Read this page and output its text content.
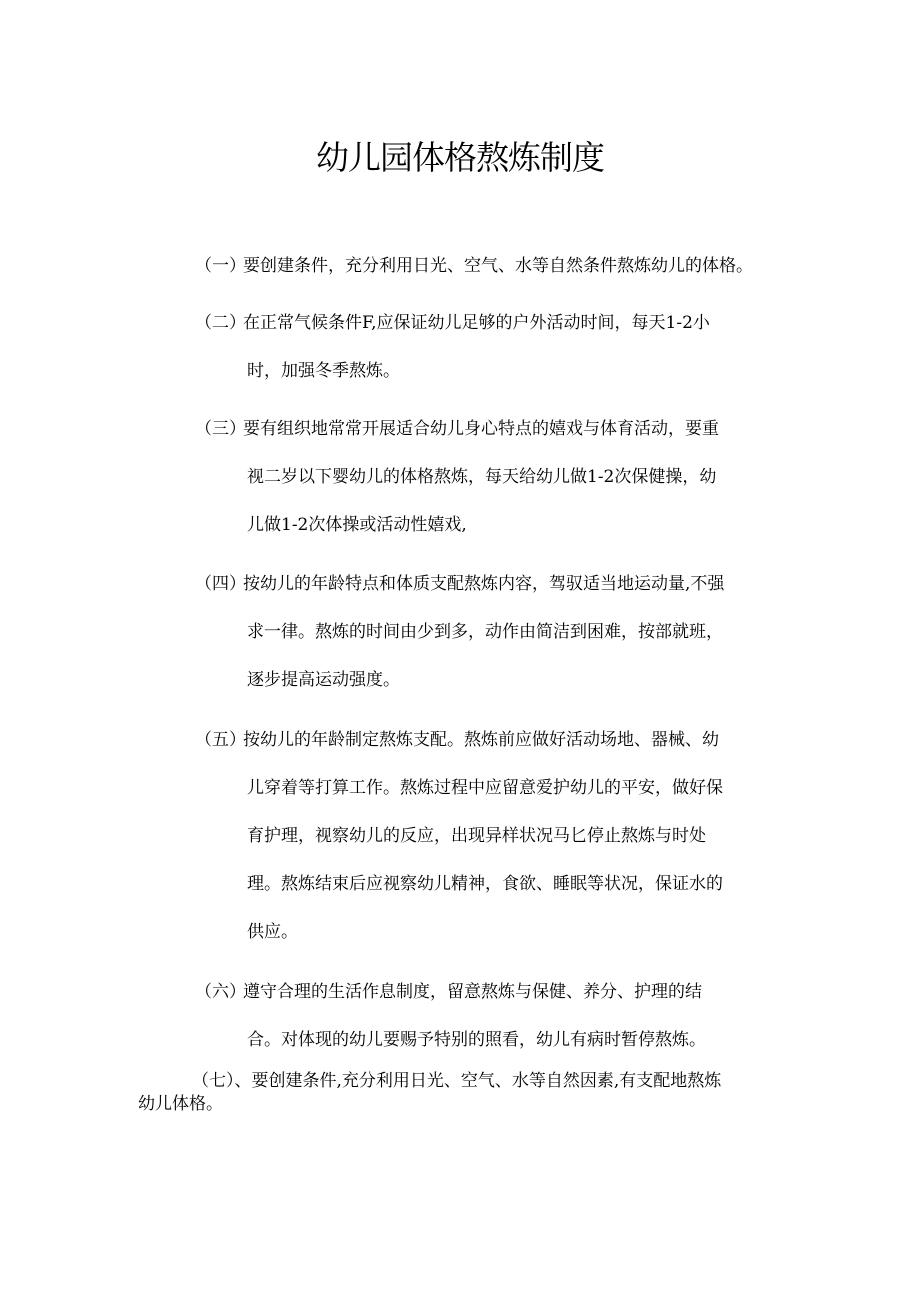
幼儿园体格熬炼制度
（一）要创建条件，充分利用日光、空气、水等自然条件熬炼幼儿的体格。
（二）在正常气候条件F,应保证幼儿足够的户外活动时间，每天1-2小
时，加强冬季熬炼。
（三）要有组织地常常开展适合幼儿身心特点的嬉戏与体育活动，要重
视二岁以下婴幼儿的体格熬炼，每天给幼儿做1-2次保健操，幼
儿做1-2次体操或活动性嬉戏,
（四）按幼儿的年龄特点和体质支配熬炼内容，驾驭适当地运动量,不强
求一律。熬炼的时间由少到多，动作由简洁到困难，按部就班，
逐步提高运动强度。
（五）按幼儿的年龄制定熬炼支配。熬炼前应做好活动场地、器械、幼
儿穿着等打算工作。熬炼过程中应留意爱护幼儿的平安，做好保
育护理，视察幼儿的反应，出现异样状况马匕停止熬炼与时处
理。熬炼结束后应视察幼儿精神，食欲、睡眠等状况，保证水的
供应。
（六）遵守合理的生活作息制度，留意熬炼与保健、养分、护理的结
合。对体现的幼儿要赐予特别的照看，幼儿有病时暂停熬炼。
（七）、要创建条件,充分利用日光、空气、水等自然因素,有支配地熬炼
幼儿体格。
